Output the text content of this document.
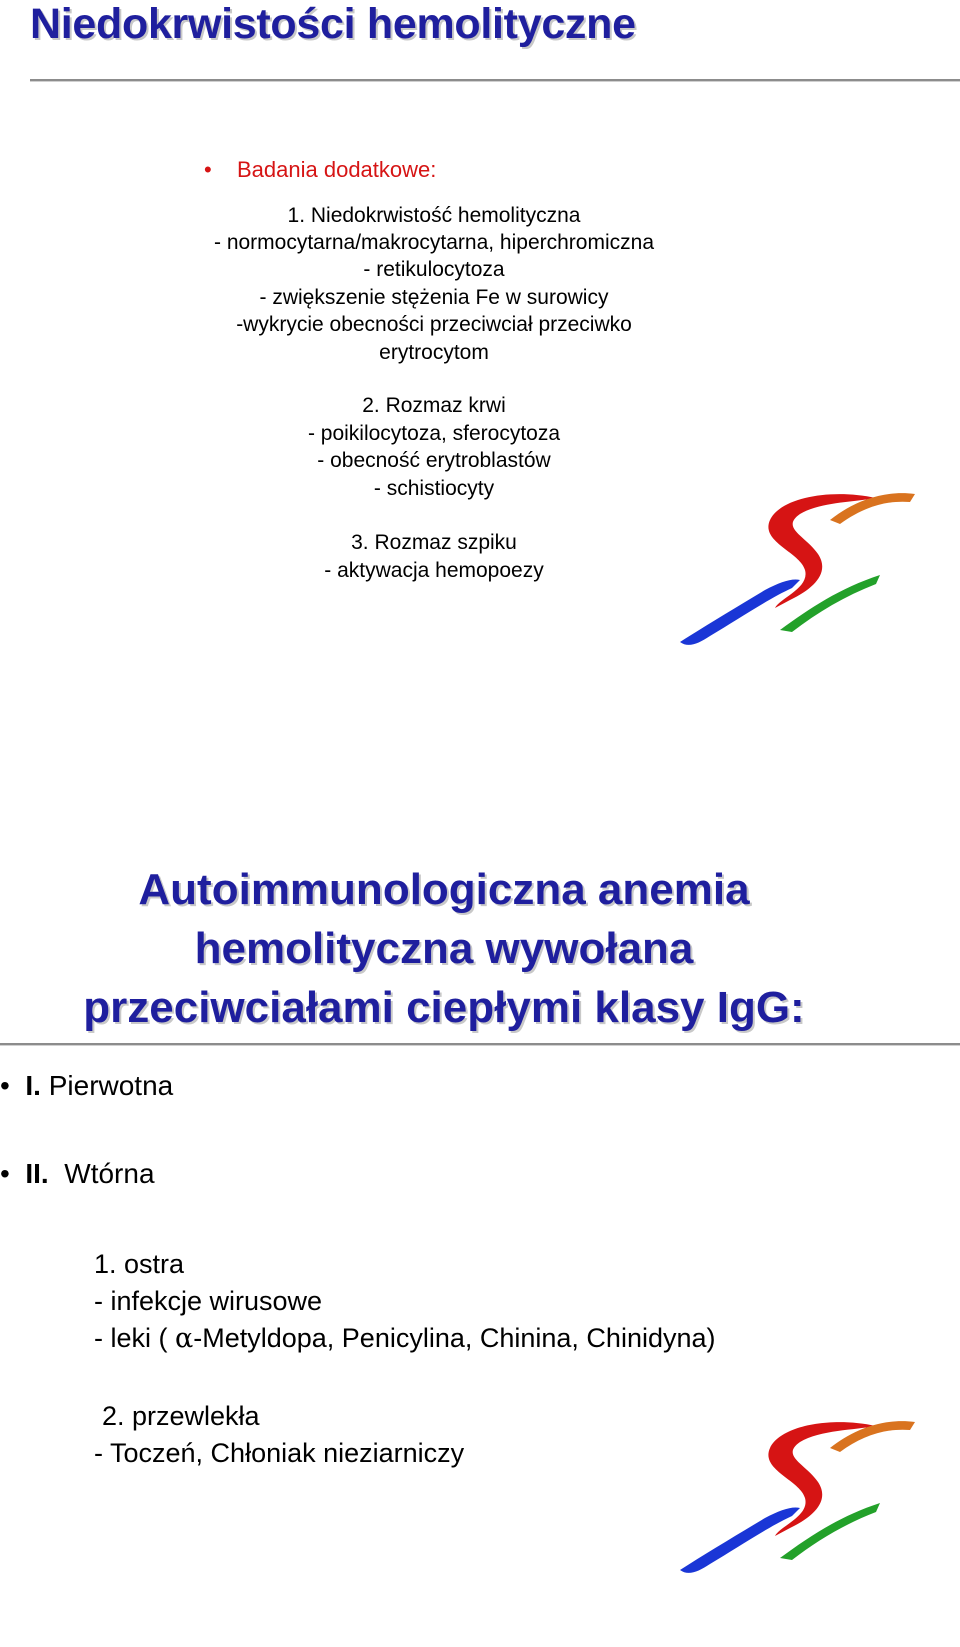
Niedokrwistości hemolityczne
• Badania dodatkowe:
1. Niedokrwistość hemolityczna
- normocytarna/makrocytarna, hiperchromiczna
- retikulocytoza
- zwiększenie stężenia Fe w surowicy
-wykrycie obecności przeciwciał przeciwko
erytrocytom
2. Rozmaz krwi
- poikilocytoza, sferocytoza
- obecność erytroblastów
- schistiocyty
3. Rozmaz szpiku
- aktywacja hemopoezy
Autoimmunologiczna anemia
hemolityczna wywołana
przeciwciałami ciepłymi klasy IgG:
•  I. Pierwotna
•  II. Wtórna
1. ostra
- infekcje wirusowe
- leki ( α-Metyldopa, Penicylina, Chinina, Chinidyna)
2. przewlekła
- Toczeń, Chłoniak nieziarniczy
